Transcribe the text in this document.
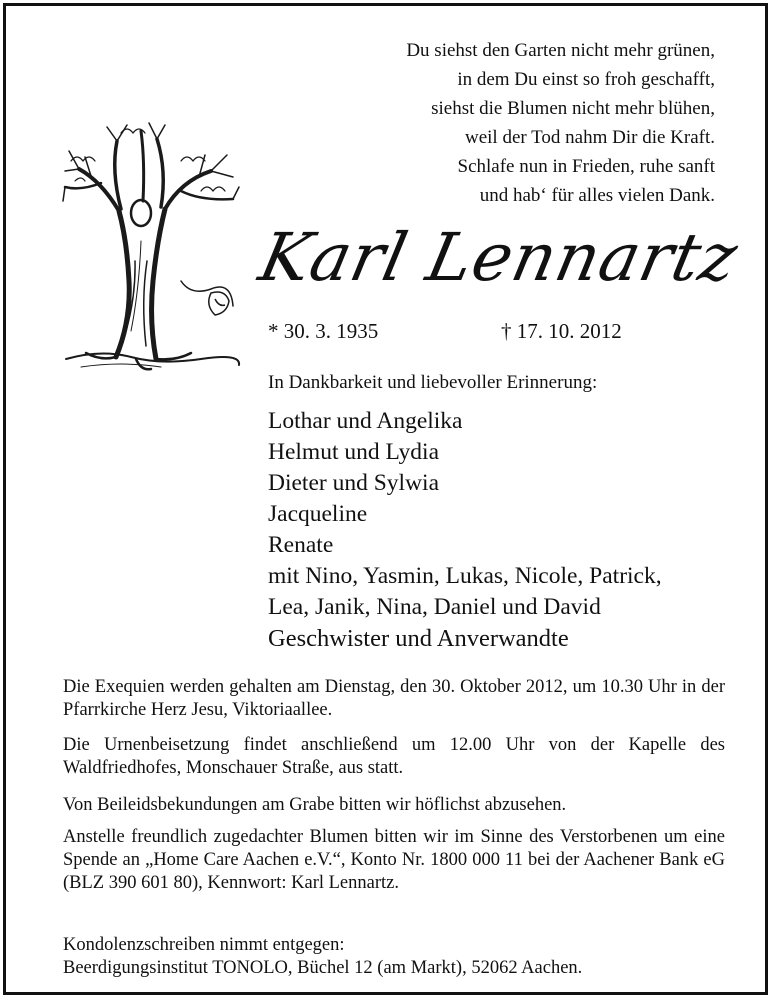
Du siehst den Garten nicht mehr grünen,
in dem Du einst so froh geschafft,
siehst die Blumen nicht mehr blühen,
weil der Tod nahm Dir die Kraft.
Schlafe nun in Frieden, ruhe sanft
und hab‘ für alles vielen Dank.
Karl Lennartz
* 30. 3. 1935	† 17. 10. 2012
In Dankbarkeit und liebevoller Erinnerung:
Lothar und Angelika
Helmut und Lydia
Dieter und Sylwia
Jacqueline
Renate
mit Nino, Yasmin, Lukas, Nicole, Patrick,
Lea, Janik, Nina, Daniel und David
Geschwister und Anverwandte

Die Exequien werden gehalten am Dienstag, den 30. Oktober 2012, um 10.30 Uhr in der Pfarrkirche Herz Jesu, Viktoriaallee.

Die Urnenbeisetzung findet anschließend um 12.00 Uhr von der Kapelle des Waldfriedhofes, Monschauer Straße, aus statt.

Von Beileidsbekundungen am Grabe bitten wir höflichst abzusehen.

Anstelle freundlich zugedachter Blumen bitten wir im Sinne des Verstorbenen um eine Spende an „Home Care Aachen e.V.“, Konto Nr. 1800 000 11 bei der Aachener Bank eG (BLZ 390 601 80), Kennwort: Karl Lennartz.

Kondolenzschreiben nimmt entgegen:

Beerdigungsinstitut TONOLO, Büchel 12 (am Markt), 52062 Aachen.
